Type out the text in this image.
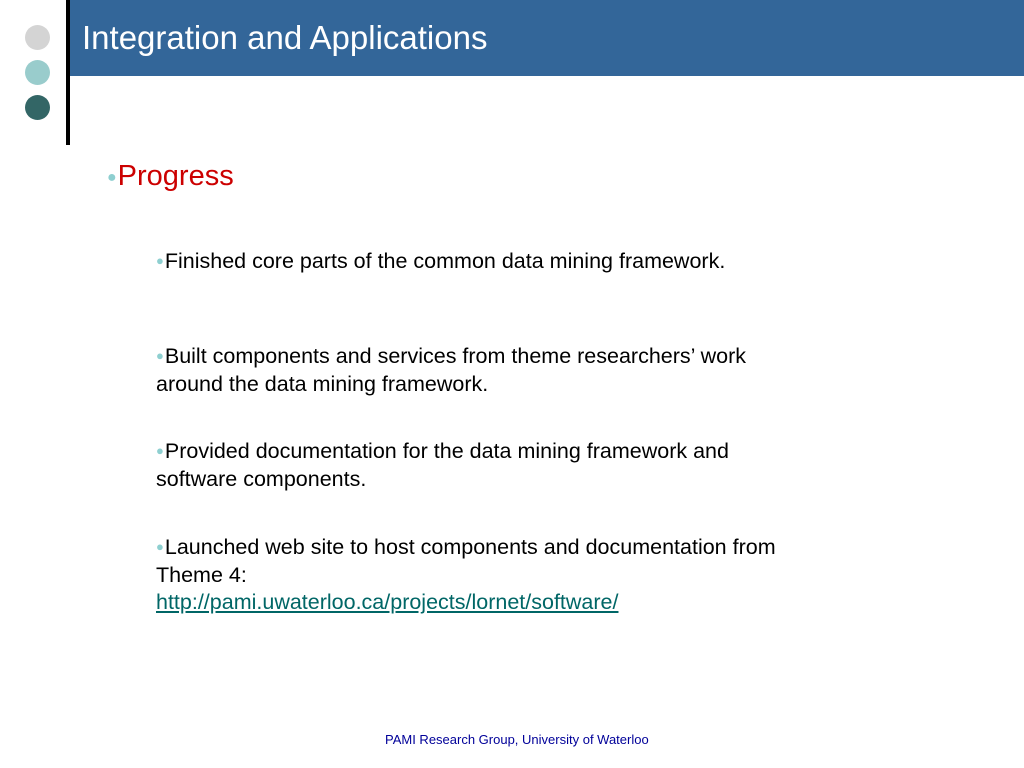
Integration and Applications
●Progress
●Finished core parts of the common data mining framework.
●Built components and services from theme researchers’ work around the data mining framework.
●Provided documentation for the data mining framework and software components.
●Launched web site to host components and documentation from Theme 4:
http://pami.uwaterloo.ca/projects/lornet/software/
PAMI Research Group, University of Waterloo
